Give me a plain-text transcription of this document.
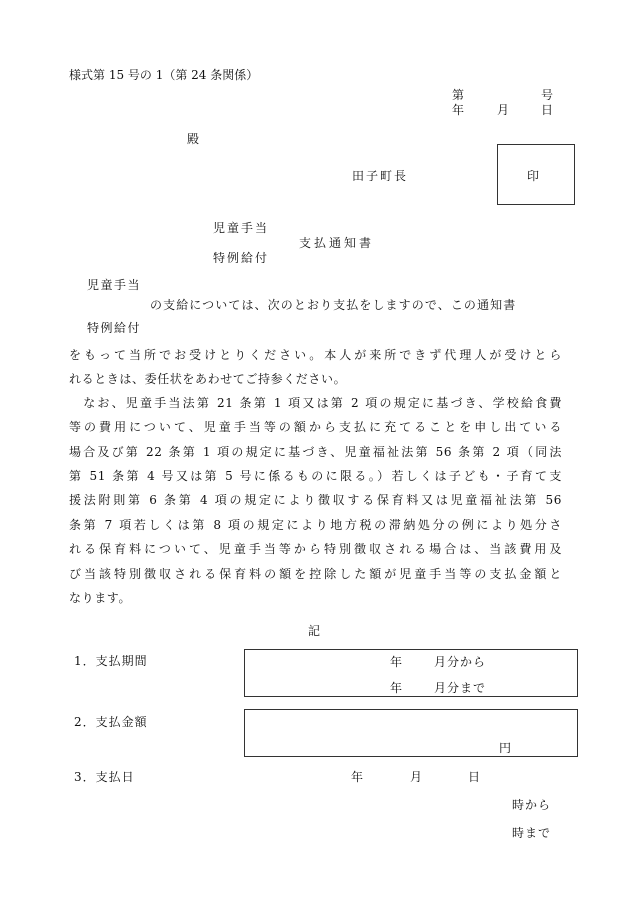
様式第 15 号の 1（第 24 条関係）
第	号
年	月	日
殿
田子町長	印
児童手当
支払通知書
特例給付
児童手当
の支給については、次のとおり支払をしますので、この通知書
特例給付
をもって当所でお受けとりください。本人が来所できず代理人が受けとら
れるときは、委任状をあわせてご持参ください。
　なお、児童手当法第 21 条第 1 項又は第 2 項の規定に基づき、学校給食費
等の費用について、児童手当等の額から支払に充てることを申し出ている
場合及び第 22 条第 1 項の規定に基づき、児童福祉法第 56 条第 2 項（同法
第 51 条第 4 号又は第 5 号に係るものに限る。）若しくは子ども・子育て支
援法附則第 6 条第 4 項の規定により徴収する保育料又は児童福祉法第 56
条第 7 項若しくは第 8 項の規定により地方税の滞納処分の例により処分さ
れる保育料について、児童手当等から特別徴収される場合は、当該費用及
び当該特別徴収される保育料の額を控除した額が児童手当等の支払金額と
なります。
記
1．支払期間	年	月分から
年	月分まで
2．支払金額
円
3．支払日	年	月	日
時から
時まで
